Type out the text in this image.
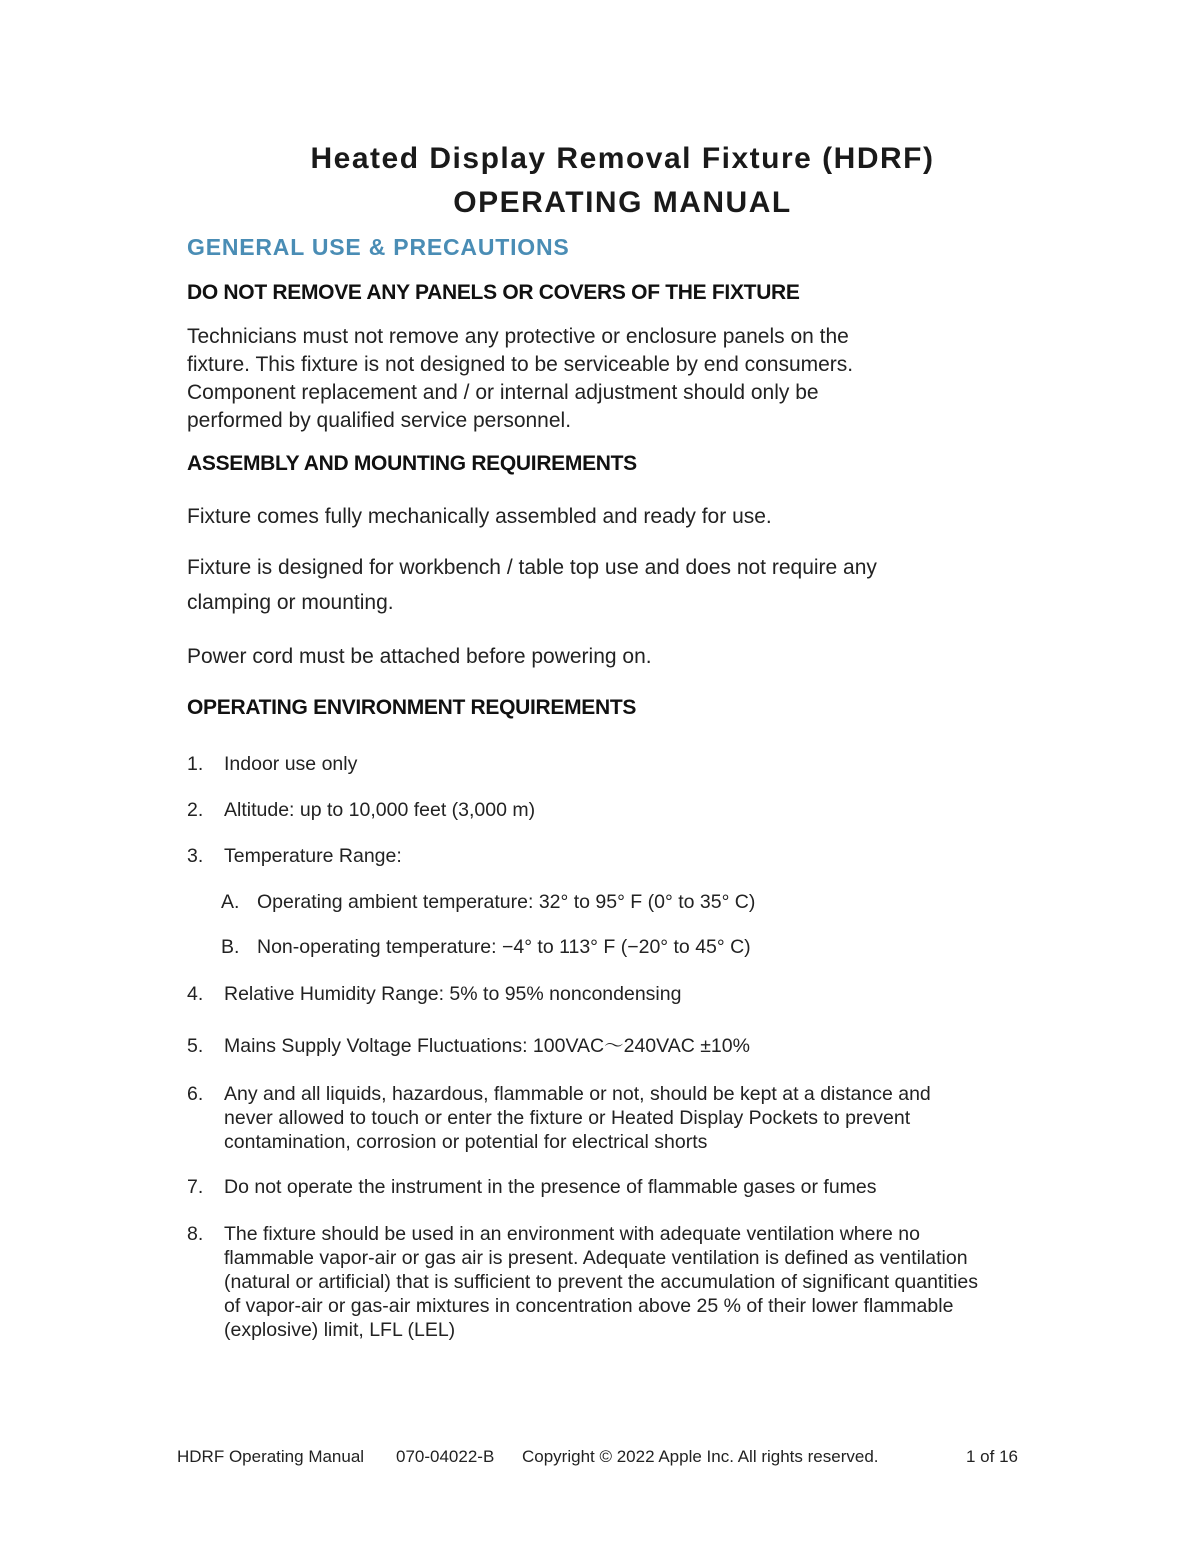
Heated Display Removal Fixture (HDRF)
OPERATING MANUAL
GENERAL USE & PRECAUTIONS
DO NOT REMOVE ANY PANELS OR COVERS OF THE FIXTURE
Technicians must not remove any protective or enclosure panels on the
fixture. This fixture is not designed to be serviceable by end consumers.
Component replacement and / or internal adjustment should only be
performed by qualified service personnel.
ASSEMBLY AND MOUNTING REQUIREMENTS
Fixture comes fully mechanically assembled and ready for use.
Fixture is designed for workbench / table top use and does not require any
clamping or mounting.
Power cord must be attached before powering on.
OPERATING ENVIRONMENT REQUIREMENTS
1. Indoor use only
2. Altitude: up to 10,000 feet (3,000 m)
3. Temperature Range:
A. Operating ambient temperature: 32° to 95° F (0° to 35° C)
B. Non-operating temperature: −4° to 113° F (−20° to 45° C)
4. Relative Humidity Range: 5% to 95% noncondensing
5. Mains Supply Voltage Fluctuations: 100VAC～240VAC ±10%
6. Any and all liquids, hazardous, flammable or not, should be kept at a distance and
never allowed to touch or enter the fixture or Heated Display Pockets to prevent
contamination, corrosion or potential for electrical shorts
7. Do not operate the instrument in the presence of flammable gases or fumes
8. The fixture should be used in an environment with adequate ventilation where no
flammable vapor-air or gas air is present. Adequate ventilation is defined as ventilation
(natural or artificial) that is sufficient to prevent the accumulation of significant quantities
of vapor-air or gas-air mixtures in concentration above 25 % of their lower flammable
(explosive) limit, LFL (LEL)
HDRF Operating Manual 070-04022-B Copyright © 2022 Apple Inc. All rights reserved.	1 of 16
